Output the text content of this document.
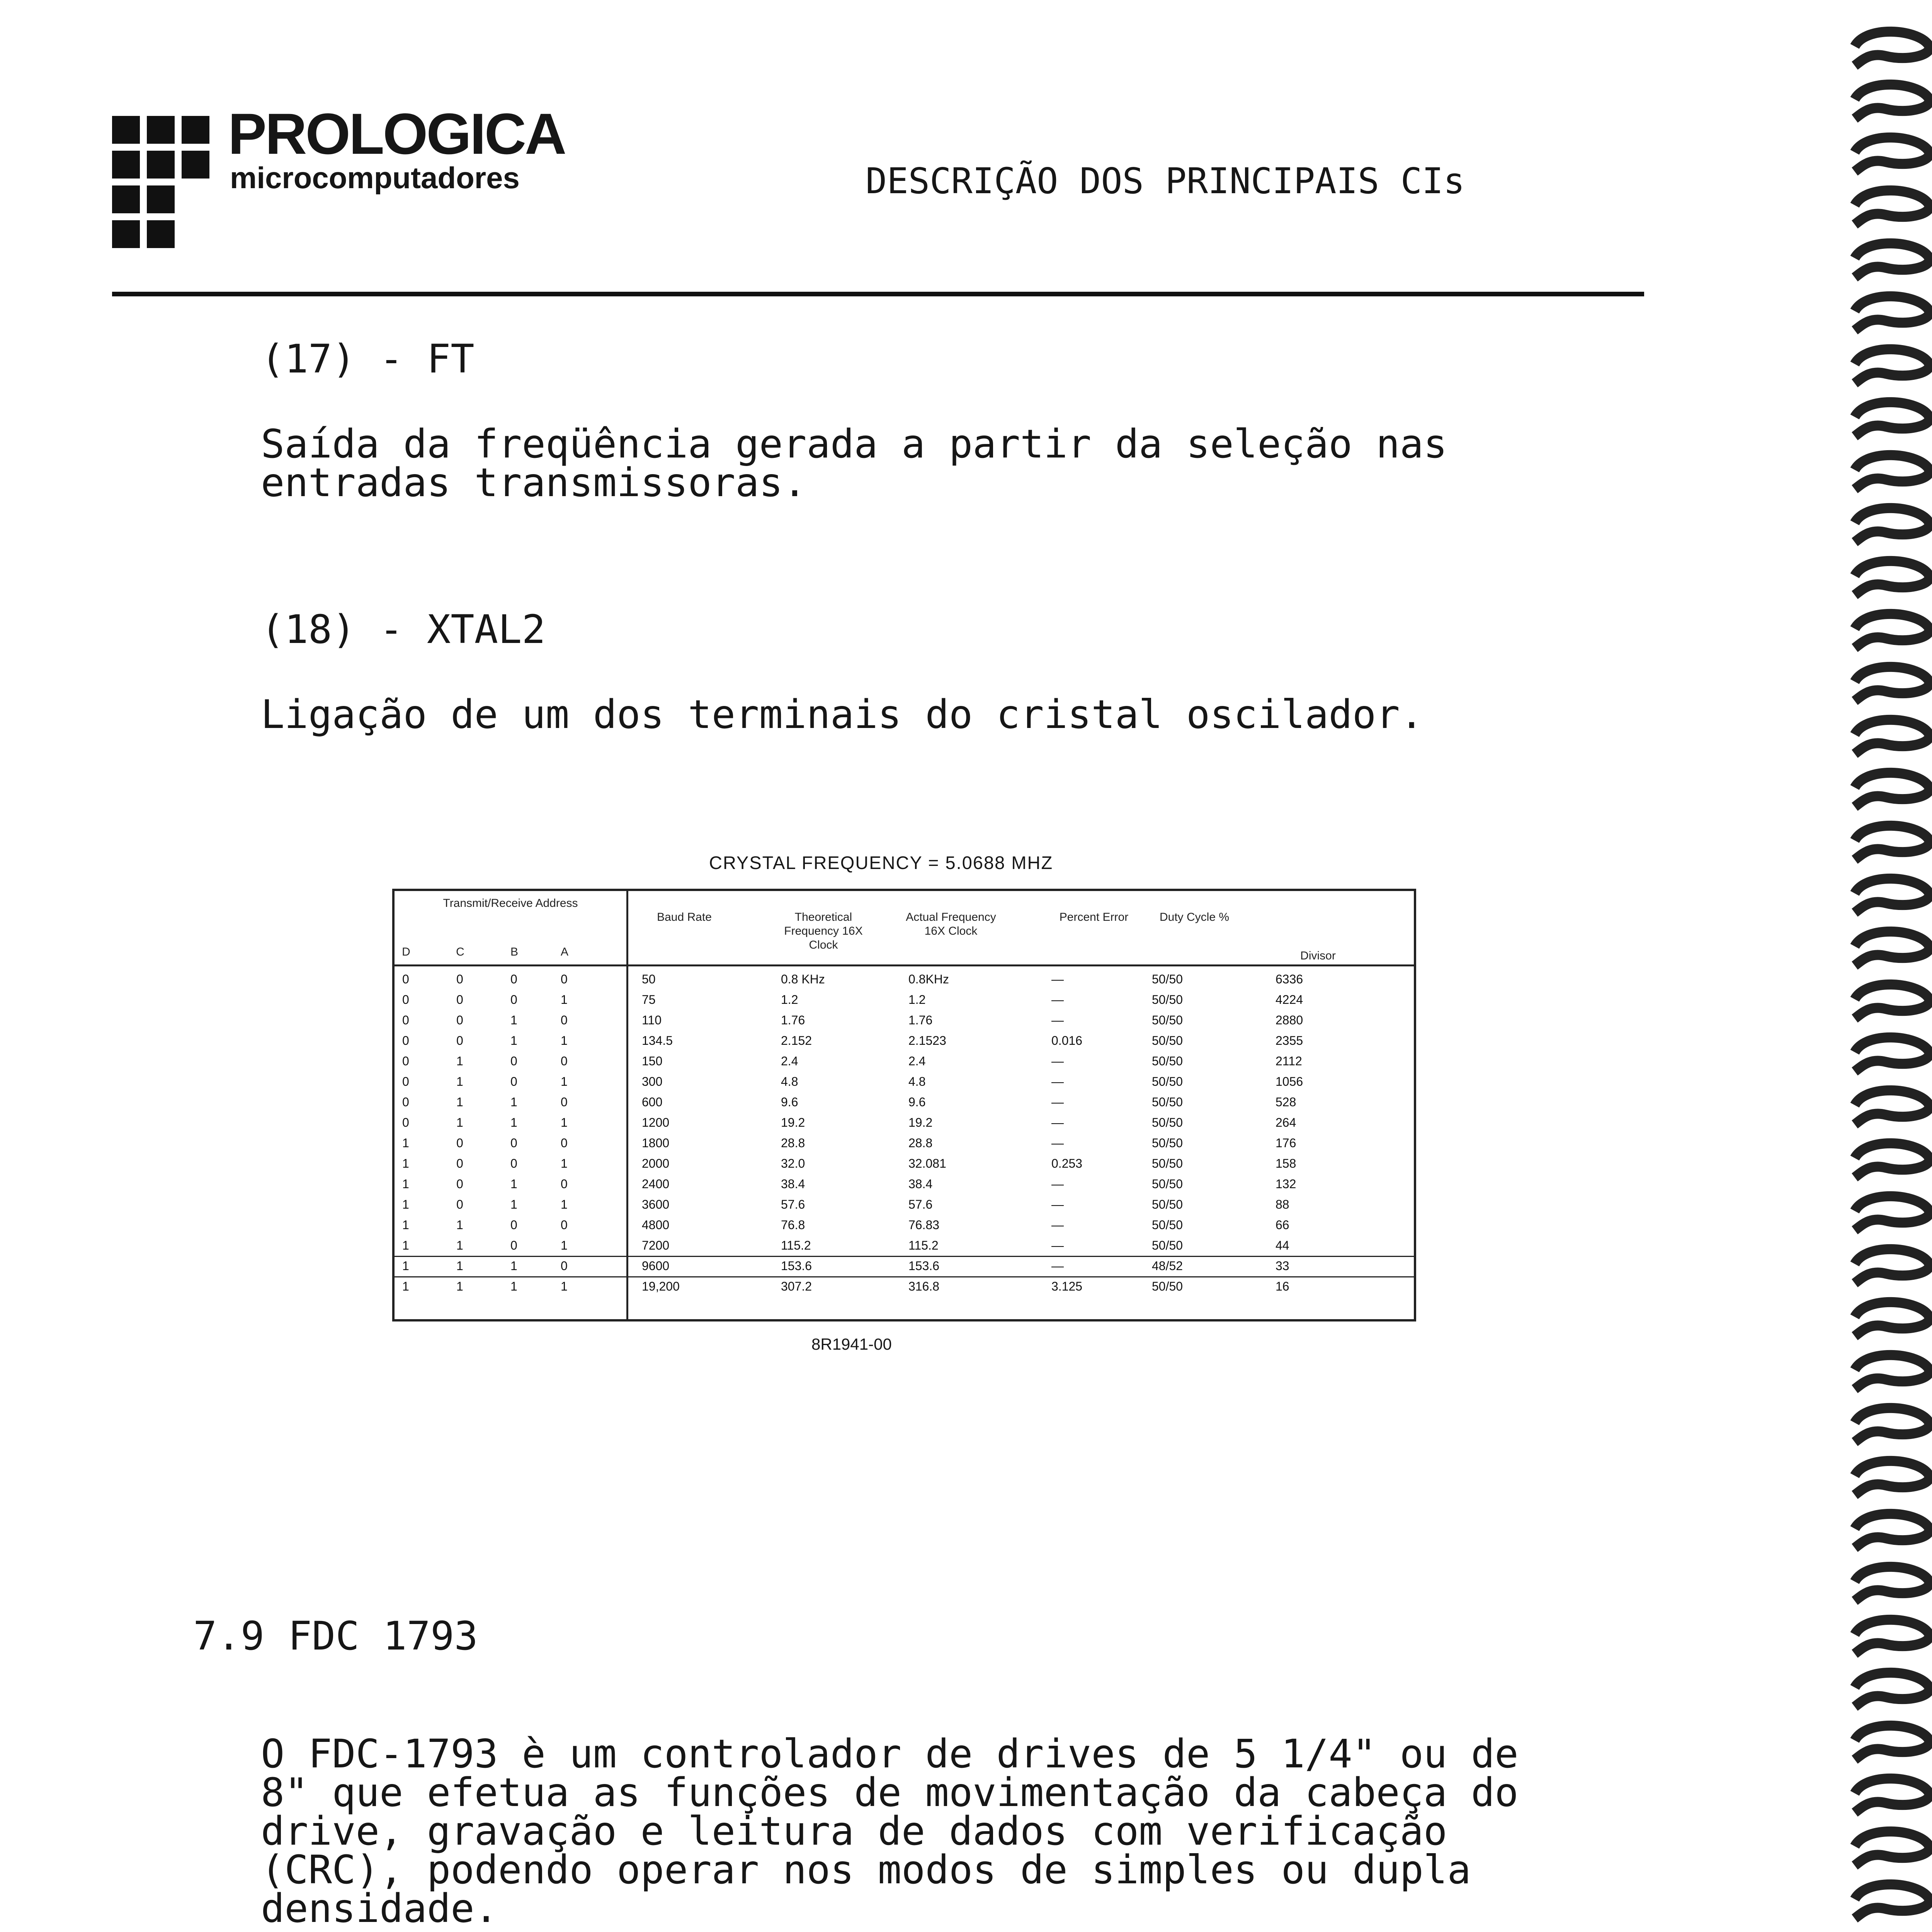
PROLOGICA
microcomputadores	DESCRIÇÃO DOS PRINCIPAIS CIs
(17) - FT
Saída da freqüência gerada a partir da seleção nas
entradas transmissoras.
(18) - XTAL2
Ligação de um dos terminais do cristal oscilador.
CRYSTAL FREQUENCY = 5.0688 MHZ
Transmit/Receive Address
D	C	B	A
Baud Rate	Theoretical Frequency 16X Clock
Actual Frequency 16X Clock
Percent Error	Duty Cycle %
Divisor
0	0	0	0	50	0.8 KHz	0.8KHz	—	50/50	6336
0	0	0	1	75	1.2	1.2	—	50/50	4224
0	0	1	0	110	1.76	1.76	—	50/50	2880
0	0	1	1	134.5	2.152	2.1523	0.016	50/50	2355
0	1	0	0	150	2.4	2.4	—	50/50	2112
0	1	0	1	300	4.8	4.8	—	50/50	1056
0	1	1	0	600	9.6	9.6	—	50/50	528
0	1	1	1	1200	19.2	19.2	—	50/50	264
1	0	0	0	1800	28.8	28.8	—	50/50	176
1	0	0	1	2000	32.0	32.081	0.253	50/50	158
1	0	1	0	2400	38.4	38.4	—	50/50	132
1	0	1	1	3600	57.6	57.6	—	50/50	88
1	1	0	0	4800	76.8	76.83	—	50/50	66
1	1	0	1	7200	115.2	115.2	—	50/50	44
1	1	1	0	9600	153.6	153.6	—	48/52	33
1	1	1	1	19,200	307.2	316.8	3.125	50/50	16
8R1941-00
7.9 FDC 1793
O FDC-1793 è um controlador de drives de 5 1/4" ou de
8" que efetua as funções de movimentação da cabeça do
drive, gravação e leitura de dados com verificação
(CRC), podendo operar nos modos de simples ou dupla
densidade.
